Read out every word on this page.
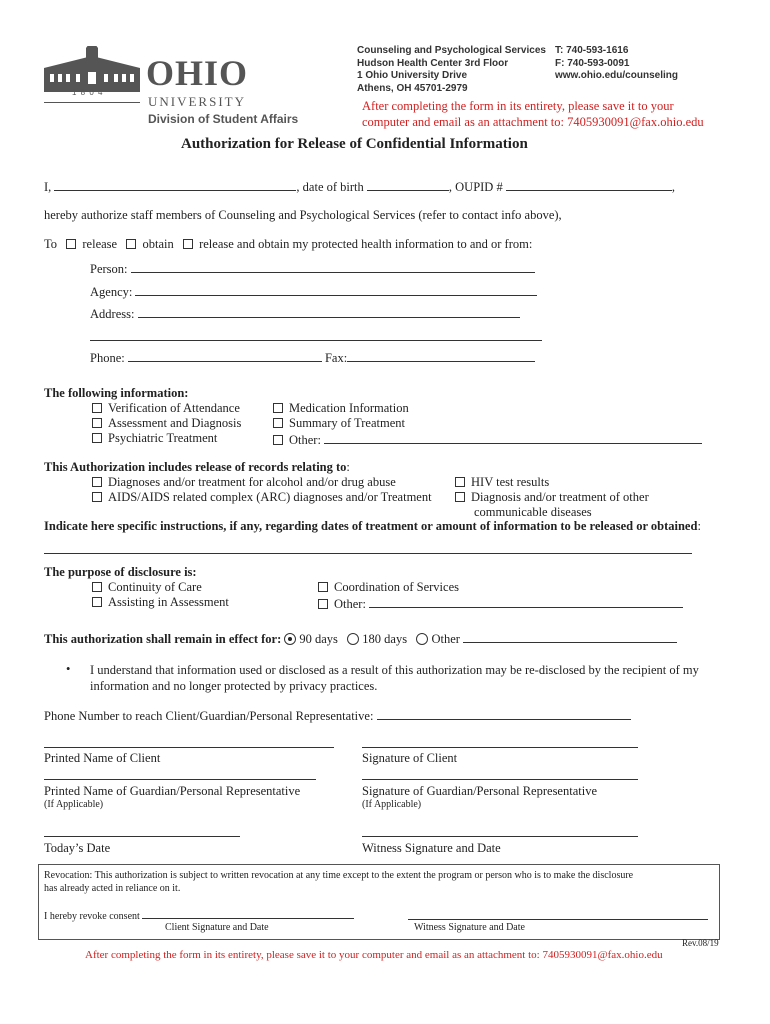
1 8 0 4 OHIO
UNIVERSITY
Division of Student Affairs
Counseling and Psychological Services
Hudson Health Center 3rd Floor
1 Ohio University Drive
Athens, OH 45701-2979
T: 740-593-1616
F: 740-593-0091
www.ohio.edu/counseling
After completing the form in its entirety, please save it to your
computer and email as an attachment to: 7405930091@fax.ohio.edu
Authorization for Release of Confidential Information
I,	, date of birth	, OUPID #	,
hereby authorize staff members of Counseling and Psychological Services (refer to contact info above),
To release obtain release and obtain my protected health information to and or from:
Person:
Agency:
Address:
Phone:	Fax:
The following information:
Verification of Attendance
Assessment and Diagnosis
Psychiatric Treatment
Medication Information
Summary of Treatment
Other:
This Authorization includes release of records relating to:
Diagnoses and/or treatment for alcohol and/or drug abuse
AIDS/AIDS related complex (ARC) diagnoses and/or Treatment
HIV test results
Diagnosis and/or treatment of other
communicable diseases
Indicate here specific instructions, if any, regarding dates of treatment or amount of information to be released or obtained:
The purpose of disclosure is:
Continuity of Care
Assisting in Assessment
Coordination of Services
Other:
This authorization shall remain in effect for: 90 days 180 days Other
• I understand that information used or disclosed as a result of this authorization may be re-disclosed by the recipient of my
information and no longer protected by privacy practices.
Phone Number to reach Client/Guardian/Personal Representative:
Printed Name of Client	Signature of Client
Printed Name of Guardian/Personal Representative	Signature of Guardian/Personal Representative
(If Applicable)	(If Applicable)
Today’s Date	Witness Signature and Date
Revocation: This authorization is subject to written revocation at any time except to the extent the program or person who is to make the disclosure
has already acted in reliance on it.
I hereby revoke consent
Client Signature and Date	Witness Signature and Date
Rev.08/19
After completing the form in its entirety, please save it to your computer and email as an attachment to: 7405930091@fax.ohio.edu
